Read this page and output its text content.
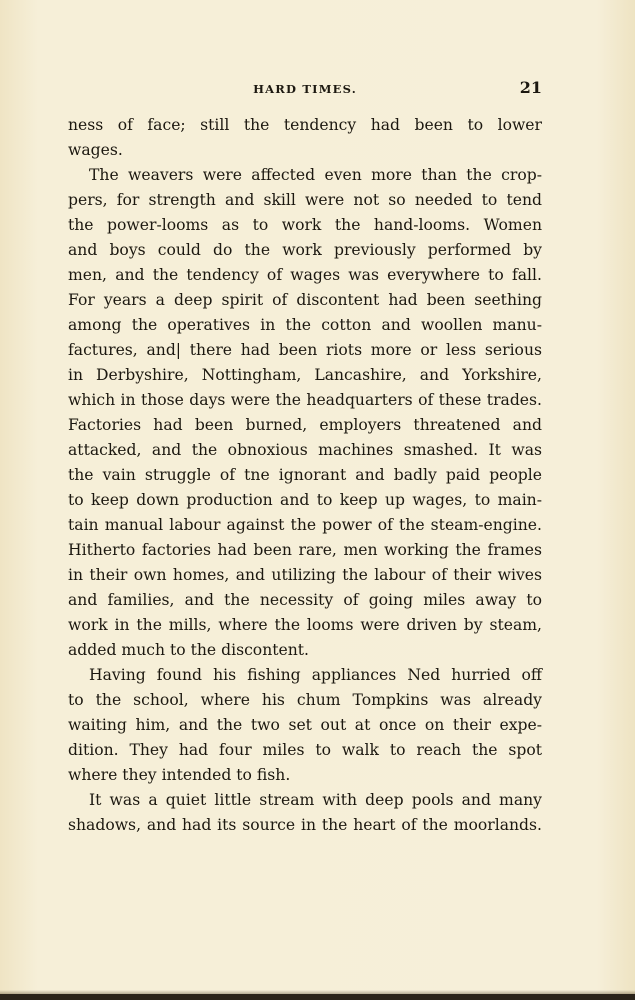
HARD TIMES.	21
ness of face; still the tendency had been to lower
wages.
The weavers were affected even more than the crop-
pers, for strength and skill were not so needed to tend
the power-looms as to work the hand-looms. Women
and boys could do the work previously performed by
men, and the tendency of wages was everywhere to fall.
For years a deep spirit of discontent had been seething
among the operatives in the cotton and woollen manu-
factures, and| there had been riots more or less serious
in Derbyshire, Nottingham, Lancashire, and Yorkshire,
which in those days were the headquarters of these trades.
Factories had been burned, employers threatened and
attacked, and the obnoxious machines smashed. It was
the vain struggle of tne ignorant and badly paid people
to keep down production and to keep up wages, to main-
tain manual labour against the power of the steam-engine.
Hitherto factories had been rare, men working the frames
in their own homes, and utilizing the labour of their wives
and families, and the necessity of going miles away to
work in the mills, where the looms were driven by steam,
added much to the discontent.
Having found his fishing appliances Ned hurried off
to the school, where his chum Tompkins was already
waiting him, and the two set out at once on their expe-
dition. They had four miles to walk to reach the spot
where they intended to fish.
It was a quiet little stream with deep pools and many
shadows, and had its source in the heart of the moorlands.
